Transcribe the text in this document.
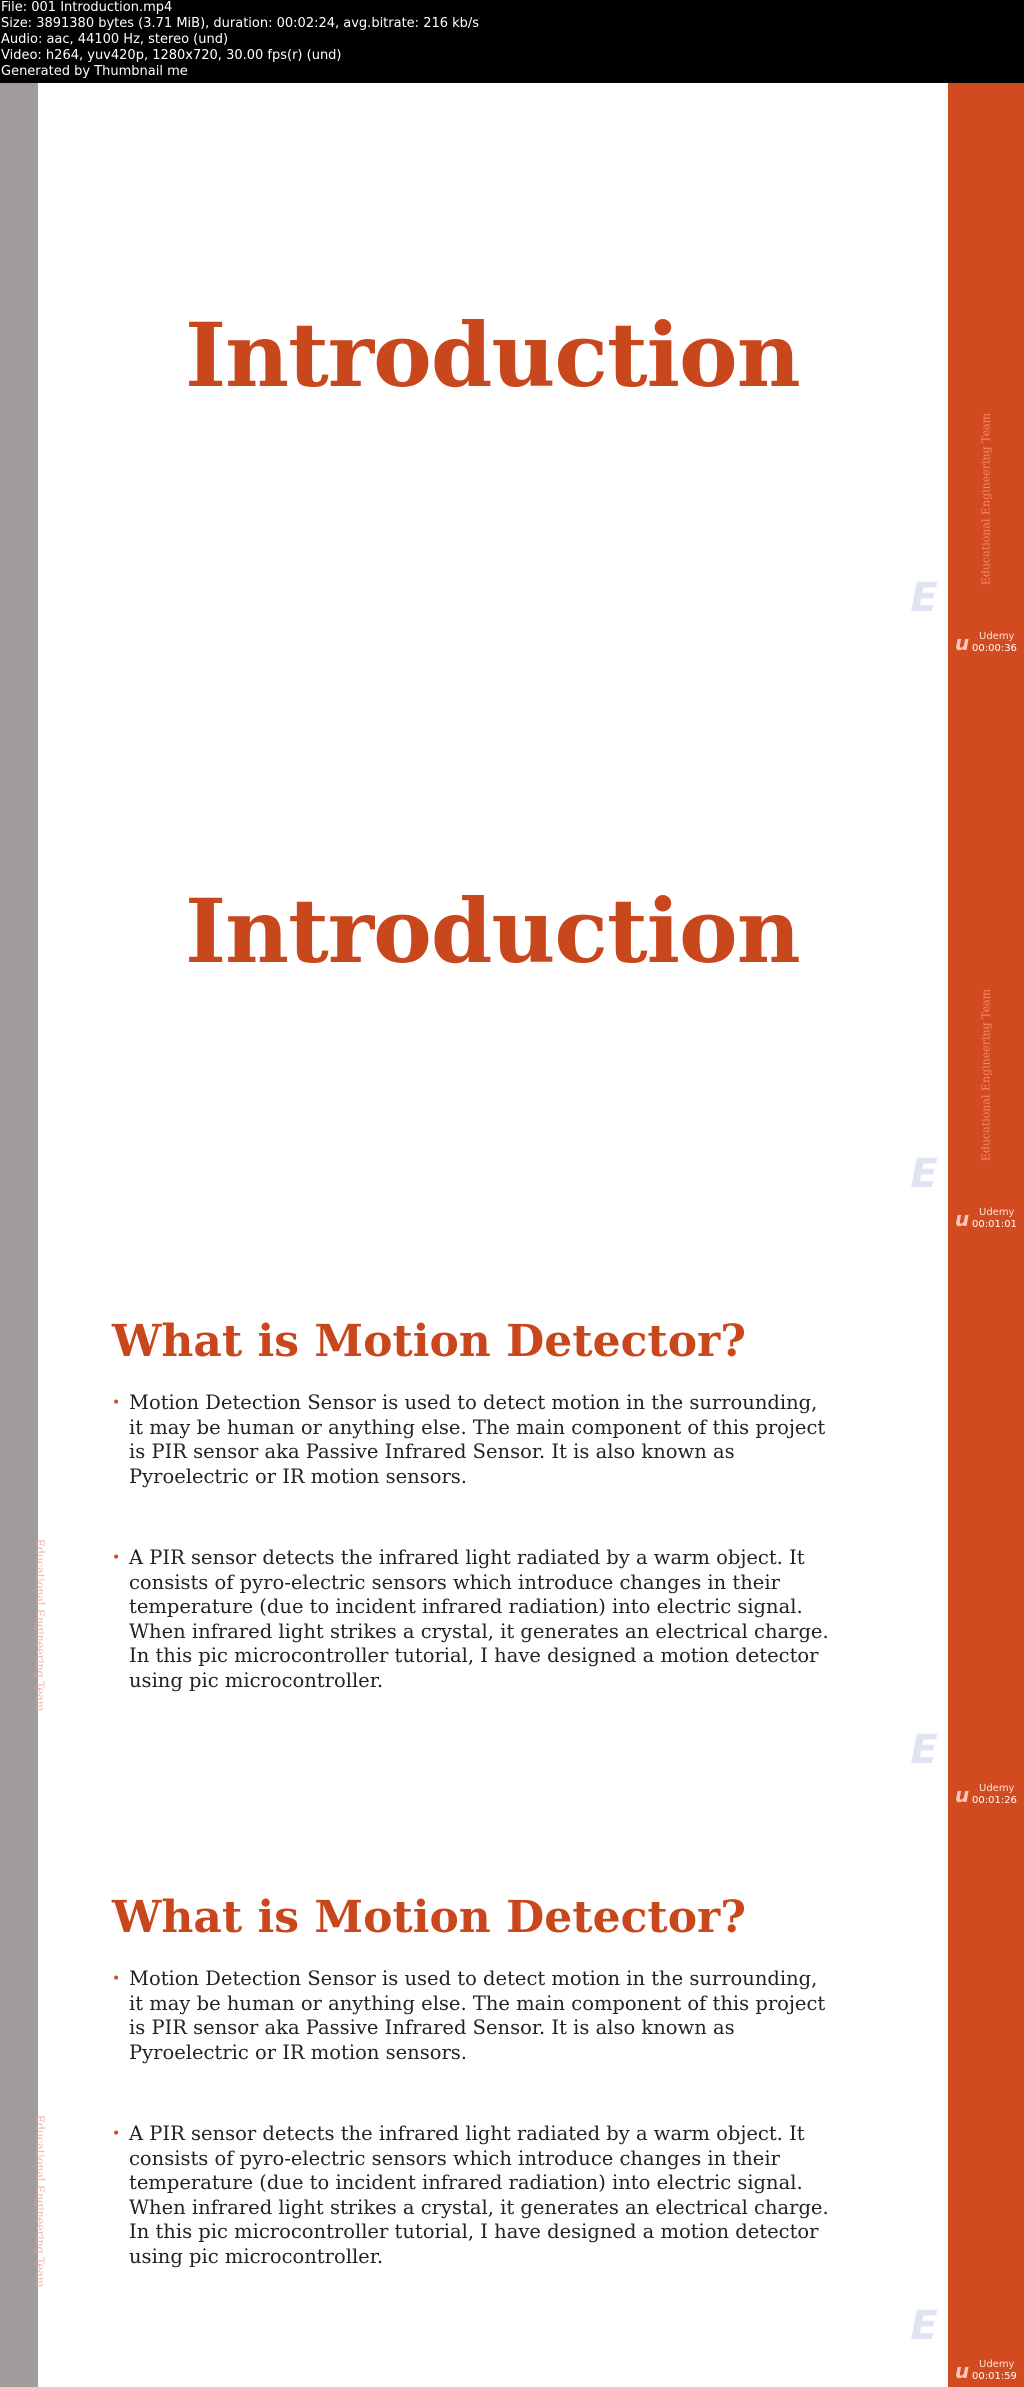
File: 001 Introduction.mp4
Size: 3891380 bytes (3.71 MiB), duration: 00:02:24, avg.bitrate: 216 kb/s
Audio: aac, 44100 Hz, stereo (und)
Video: h264, yuv420p, 1280x720, 30.00 fps(r) (und)
Generated by Thumbnail me
Introduction
Educational Engineering Team
E
u Udemy
00:00:36
Introduction
Educational Engineering Team
E
u Udemy
00:01:01
Educational Engineering Team
What is Motion Detector?
• Motion Detection Sensor is used to detect motion in the surrounding, it may be human or anything else. The main component of this project is PIR sensor aka Passive Infrared Sensor. It is also known as Pyroelectric or IR motion sensors.
• A PIR sensor detects the infrared light radiated by a warm object. It consists of pyro-electric sensors which introduce changes in their temperature (due to incident infrared radiation) into electric signal. When infrared light strikes a crystal, it generates an electrical charge. In this pic microcontroller tutorial, I have designed a motion detector using pic microcontroller.
E
u Udemy
00:01:26
Educational Engineering Team
What is Motion Detector?
• Motion Detection Sensor is used to detect motion in the surrounding, it may be human or anything else. The main component of this project is PIR sensor aka Passive Infrared Sensor. It is also known as Pyroelectric or IR motion sensors.
• A PIR sensor detects the infrared light radiated by a warm object. It consists of pyro-electric sensors which introduce changes in their temperature (due to incident infrared radiation) into electric signal. When infrared light strikes a crystal, it generates an electrical charge. In this pic microcontroller tutorial, I have designed a motion detector using pic microcontroller.
E
u Udemy
00:01:59
